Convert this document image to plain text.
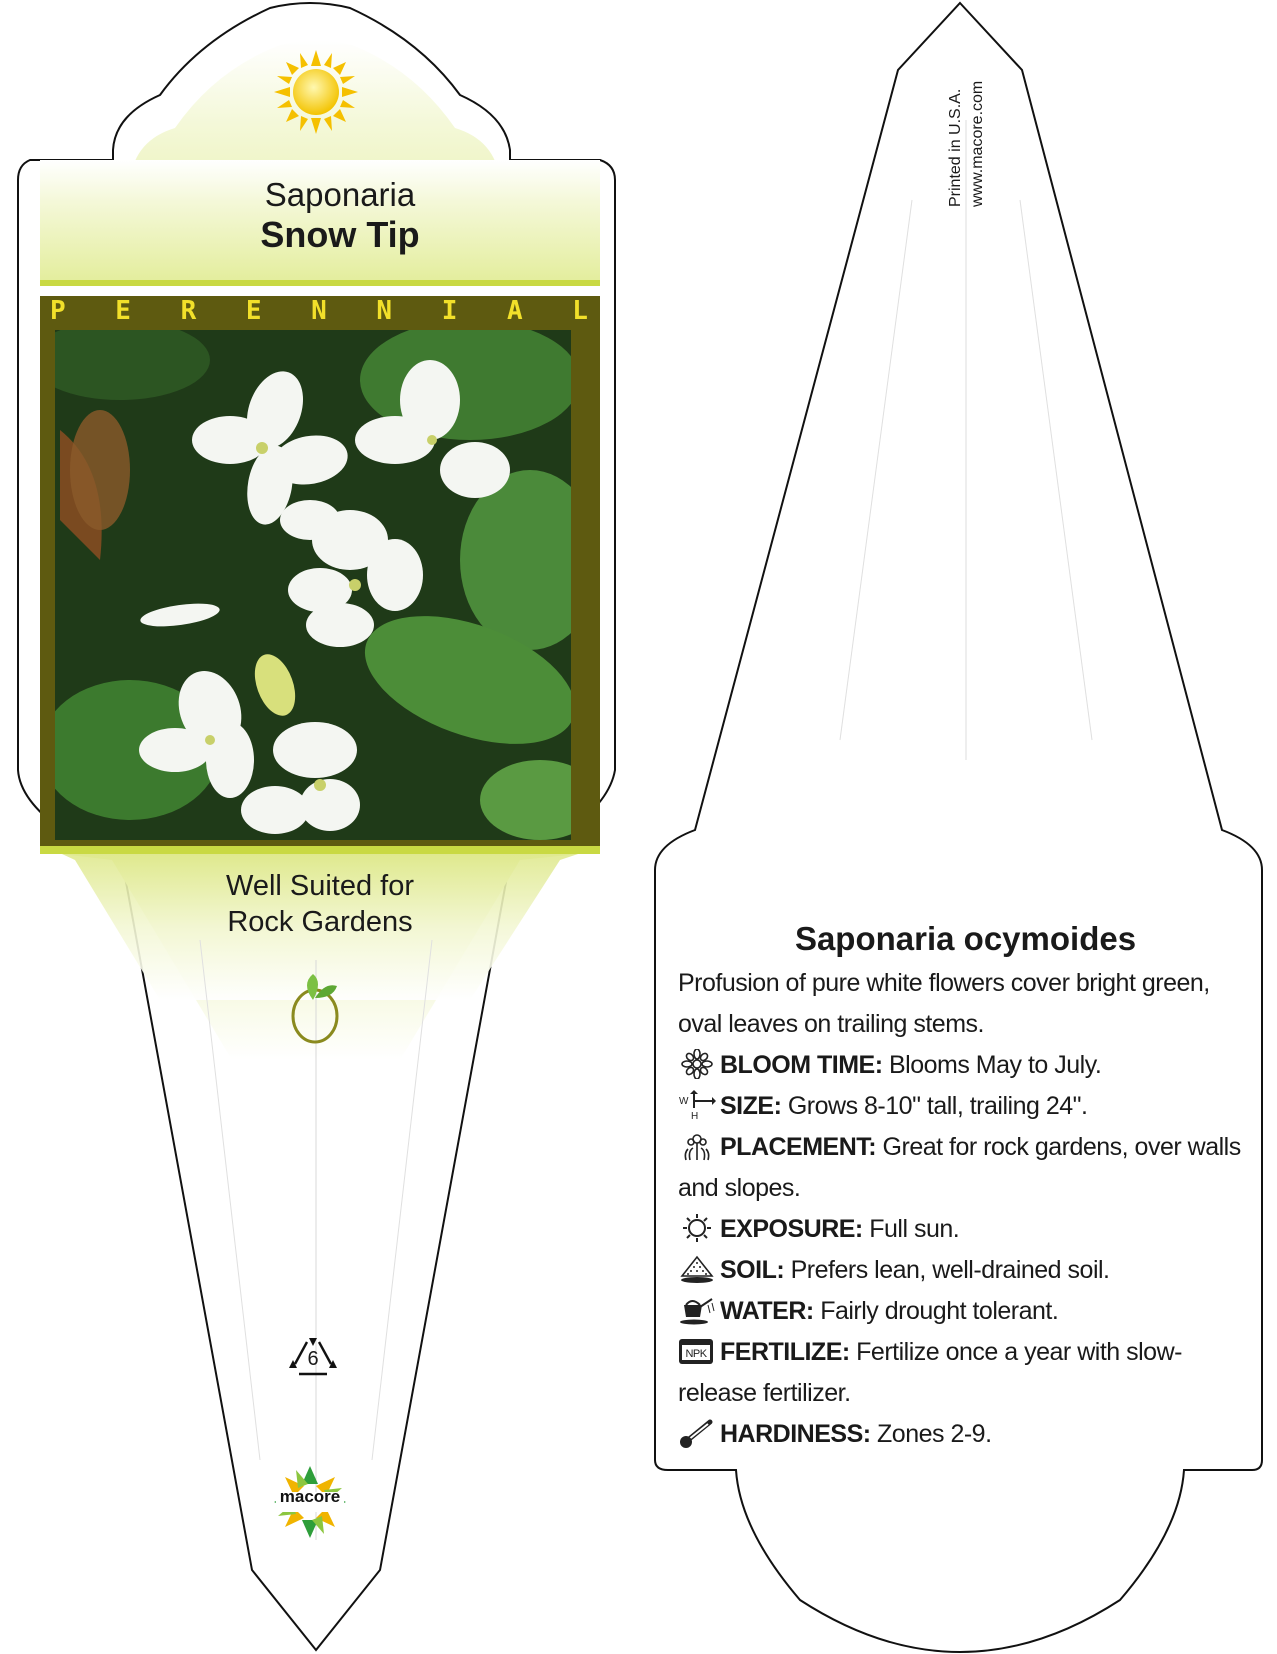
Saponaria
Snow Tip
P E R E N N I A L
Well Suited for
Rock Gardens
6
macore
Printed in U.S.A. www.macore.com
Saponaria ocymoides

Profusion of pure white flowers cover bright green, oval leaves on trailing stems.

BLOOM TIME: Blooms May to July.

W
H SIZE: Grows 8-10" tall, trailing 24".

PLACEMENT: Great for rock gardens, over walls and slopes.

EXPOSURE: Full sun.

SOIL: Prefers lean, well-drained soil.

WATER: Fairly drought tolerant.

NPK FERTILIZE: Fertilize once a year with slow-release fertilizer.

HARDINESS: Zones 2-9.
